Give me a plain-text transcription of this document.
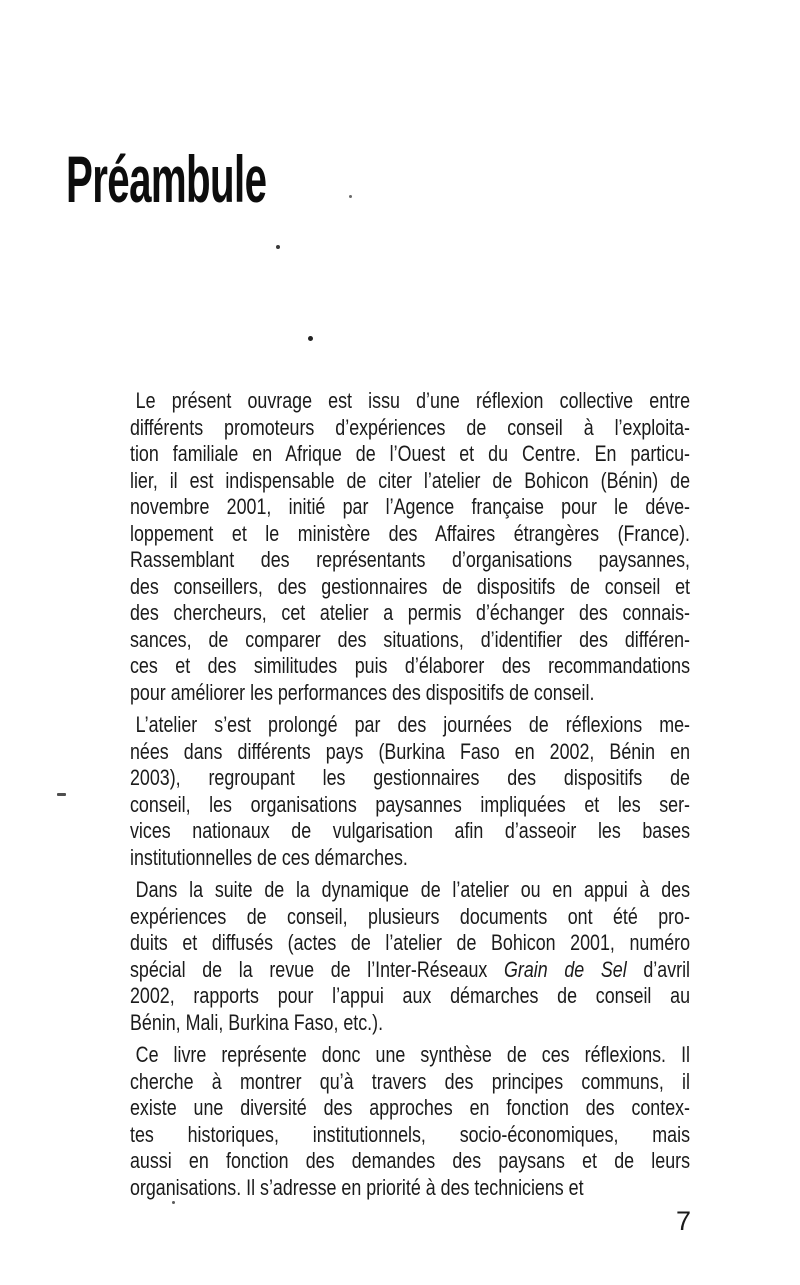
Préambule
Le présent ouvrage est issu d’une réflexion collective entre
différents promoteurs d’expériences de conseil à l’exploita-
tion familiale en Afrique de l’Ouest et du Centre. En particu-
lier, il est indispensable de citer l’atelier de Bohicon (Bénin) de
novembre 2001, initié par l’Agence française pour le déve-
loppement et le ministère des Affaires étrangères (France).
Rassemblant des représentants d’organisations paysannes,
des conseillers, des gestionnaires de dispositifs de conseil et
des chercheurs, cet atelier a permis d’échanger des connais-
sances, de comparer des situations, d’identifier des différen-
ces et des similitudes puis d’élaborer des recommandations
pour améliorer les performances des dispositifs de conseil.
L’atelier s’est prolongé par des journées de réflexions me-
nées dans différents pays (Burkina Faso en 2002, Bénin en
2003), regroupant les gestionnaires des dispositifs de
conseil, les organisations paysannes impliquées et les ser-
vices nationaux de vulgarisation afin d’asseoir les bases
institutionnelles de ces démarches.
Dans la suite de la dynamique de l’atelier ou en appui à des
expériences de conseil, plusieurs documents ont été pro-
duits et diffusés (actes de l’atelier de Bohicon 2001, numéro
spécial de la revue de l’Inter-Réseaux Grain de Sel d’avril
2002, rapports pour l’appui aux démarches de conseil au
Bénin, Mali, Burkina Faso, etc.).
Ce livre représente donc une synthèse de ces réflexions. Il
cherche à montrer qu’à travers des principes communs, il
existe une diversité des approches en fonction des contex-
tes historiques, institutionnels, socio-économiques, mais
aussi en fonction des demandes des paysans et de leurs
organisations. Il s’adresse en priorité à des techniciens et
7
